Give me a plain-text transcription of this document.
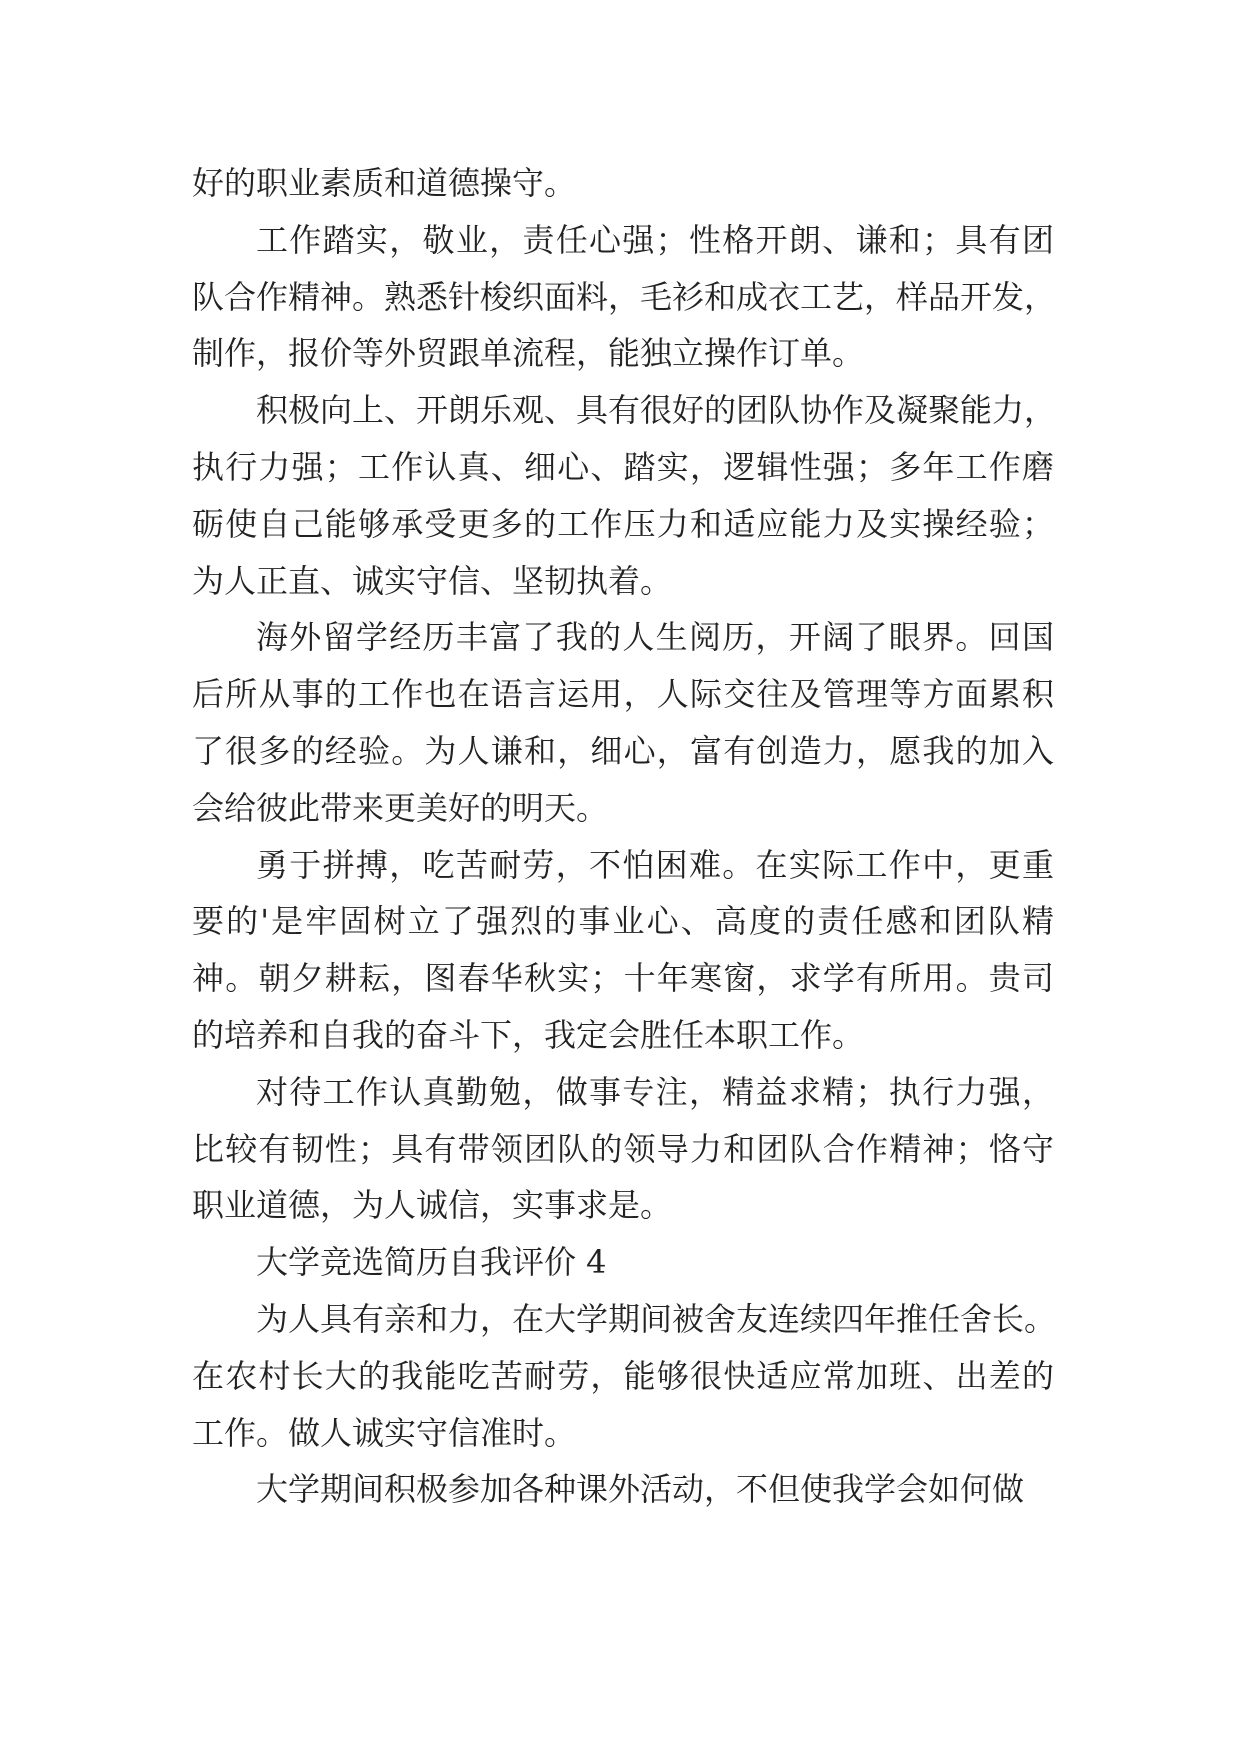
好的职业素质和道德操守。
工作踏实，敬业，责任心强；性格开朗、谦和；具有团
队合作精神。熟悉针梭织面料，毛衫和成衣工艺，样品开发，
制作，报价等外贸跟单流程，能独立操作订单。
积极向上、开朗乐观、具有很好的团队协作及凝聚能力，
执行力强；工作认真、细心、踏实，逻辑性强；多年工作磨
砺使自己能够承受更多的工作压力和适应能力及实操经验；
为人正直、诚实守信、坚韧执着。
海外留学经历丰富了我的人生阅历，开阔了眼界。回国
后所从事的工作也在语言运用，人际交往及管理等方面累积
了很多的经验。为人谦和，细心，富有创造力，愿我的加入
会给彼此带来更美好的明天。
勇于拼搏，吃苦耐劳，不怕困难。在实际工作中，更重
要的'是牢固树立了强烈的事业心、高度的责任感和团队精
神。朝夕耕耘，图春华秋实；十年寒窗，求学有所用。贵司
的培养和自我的奋斗下，我定会胜任本职工作。
对待工作认真勤勉，做事专注，精益求精；执行力强，
比较有韧性；具有带领团队的领导力和团队合作精神；恪守
职业道德，为人诚信，实事求是。
大学竞选简历自我评价 4
为人具有亲和力，在大学期间被舍友连续四年推任舍长。
在农村长大的我能吃苦耐劳，能够很快适应常加班、出差的
工作。做人诚实守信准时。
大学期间积极参加各种课外活动，不但使我学会如何做
